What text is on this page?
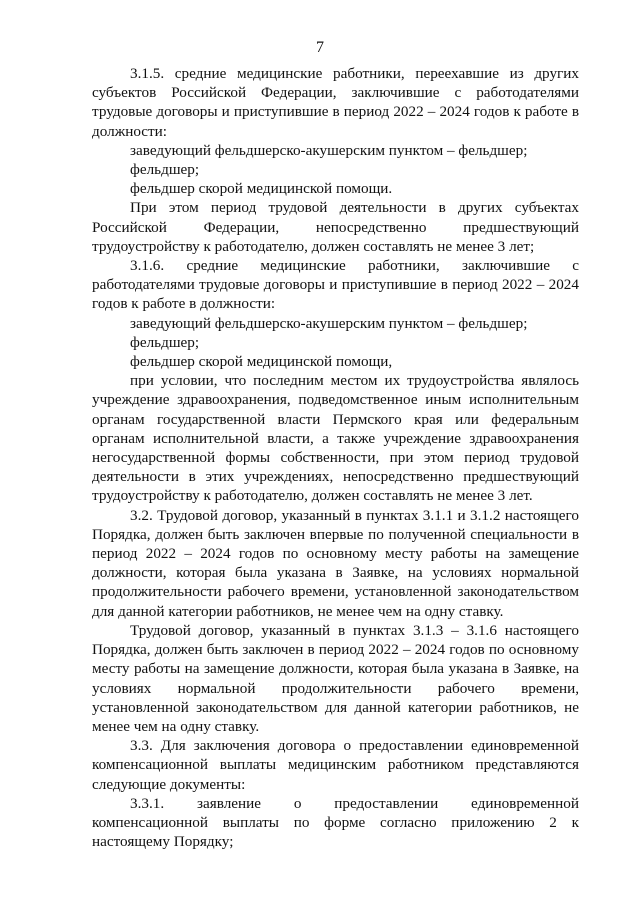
7

3.1.5. средние медицинские работники, переехавшие из других субъектов Российской Федерации, заключившие с работодателями трудовые договоры и приступившие в период 2022 – 2024 годов к работе в должности:

заведующий фельдшерско-акушерским пунктом – фельдшер;

фельдшер;

фельдшер скорой медицинской помощи.

При этом период трудовой деятельности в других субъектах Российской Федерации, непосредственно предшествующий трудоустройству к работодателю, должен составлять не менее 3 лет;

3.1.6. средние медицинские работники, заключившие с работодателями трудовые договоры и приступившие в период 2022 – 2024 годов к работе в должности:

заведующий фельдшерско-акушерским пунктом – фельдшер;

фельдшер;

фельдшер скорой медицинской помощи,

при условии, что последним местом их трудоустройства являлось учреждение здравоохранения, подведомственное иным исполнительным органам государственной власти Пермского края или федеральным органам исполнительной власти, а также учреждение здравоохранения негосударственной формы собственности, при этом период трудовой деятельности в этих учреждениях, непосредственно предшествующий трудоустройству к работодателю, должен составлять не менее 3 лет.

3.2. Трудовой договор, указанный в пунктах 3.1.1 и 3.1.2 настоящего Порядка, должен быть заключен впервые по полученной специальности в период 2022 – 2024 годов по основному месту работы на замещение должности, которая была указана в Заявке, на условиях нормальной продолжительности рабочего времени, установленной законодательством для данной категории работников, не менее чем на одну ставку.

Трудовой договор, указанный в пунктах 3.1.3 – 3.1.6 настоящего Порядка, должен быть заключен в период 2022 – 2024 годов по основному месту работы на замещение должности, которая была указана в Заявке, на условиях нормальной продолжительности рабочего времени, установленной законодательством для данной категории работников, не менее чем на одну ставку.

3.3. Для заключения договора о предоставлении единовременной компенсационной выплаты медицинским работником представляются следующие документы:

3.3.1. заявление о предоставлении единовременной компенсационной выплаты по форме согласно приложению 2 к настоящему Порядку;
